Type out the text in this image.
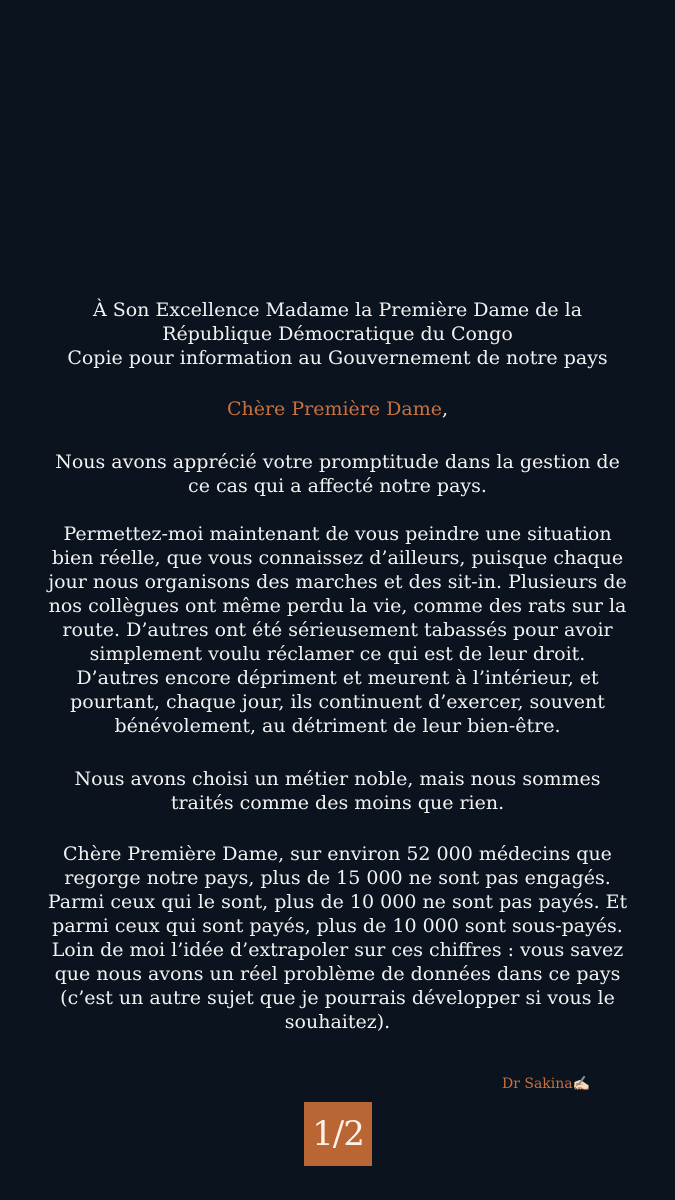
À Son Excellence Madame la Première Dame de la
République Démocratique du Congo
Copie pour information au Gouvernement de notre pays
Chère Première Dame,
Nous avons apprécié votre promptitude dans la gestion de
ce cas qui a affecté notre pays.
Permettez-moi maintenant de vous peindre une situation
bien réelle, que vous connaissez d’ailleurs, puisque chaque
jour nous organisons des marches et des sit-in. Plusieurs de
nos collègues ont même perdu la vie, comme des rats sur la
route. D’autres ont été sérieusement tabassés pour avoir
simplement voulu réclamer ce qui est de leur droit.
D’autres encore dépriment et meurent à l’intérieur, et
pourtant, chaque jour, ils continuent d’exercer, souvent
bénévolement, au détriment de leur bien-être.
Nous avons choisi un métier noble, mais nous sommes
traités comme des moins que rien.
Chère Première Dame, sur environ 52 000 médecins que
regorge notre pays, plus de 15 000 ne sont pas engagés.
Parmi ceux qui le sont, plus de 10 000 ne sont pas payés. Et
parmi ceux qui sont payés, plus de 10 000 sont sous-payés.
Loin de moi l’idée d’extrapoler sur ces chiffres : vous savez
que nous avons un réel problème de données dans ce pays
(c’est un autre sujet que je pourrais développer si vous le
souhaitez).
Dr Sakina✍🏻
1/2
